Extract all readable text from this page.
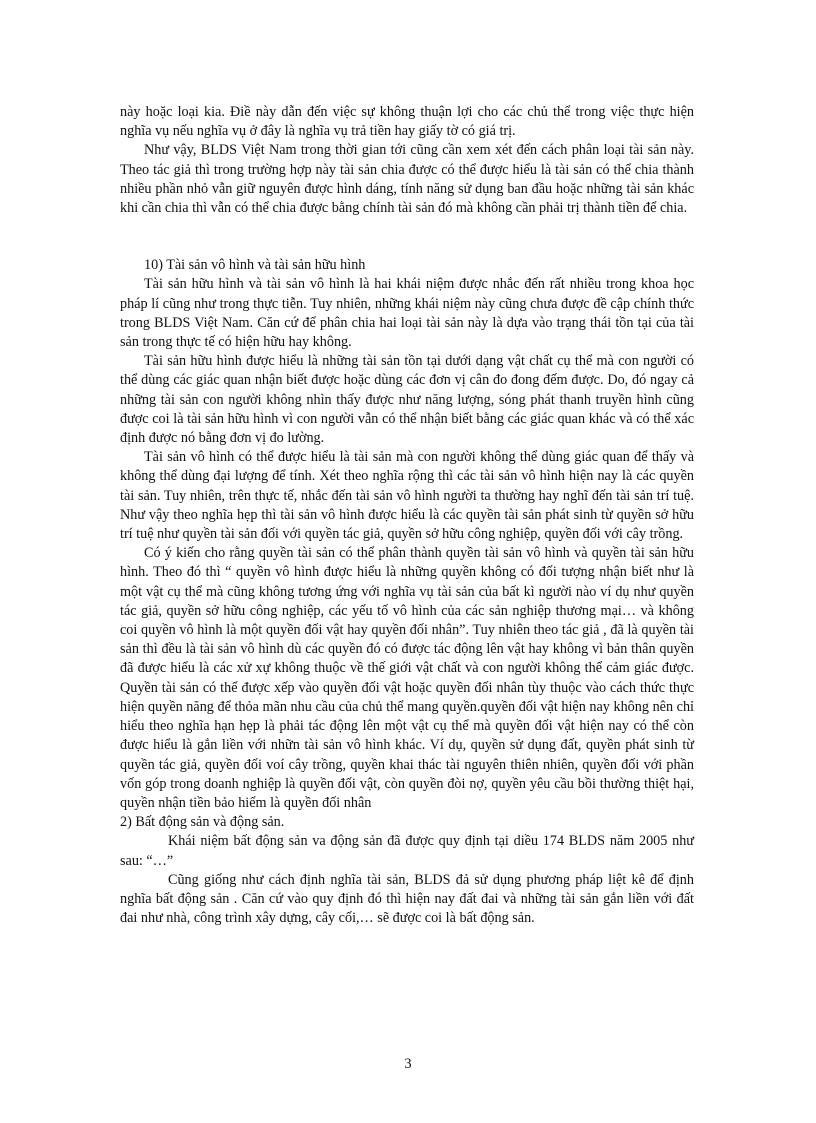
này hoặc loại kia. Điề này dẫn đến việc sự không thuận lợi cho các chủ thể trong việc thực hiện nghĩa vụ nếu nghĩa vụ ở đây là nghĩa vụ trả tiền hay giấy tờ có giá trị.

Như vậy, BLDS Việt Nam trong thời gian tới cũng cần xem xét đến cách phân loại tài sản này. Theo tác giả thì trong trường hợp này tài sản chia được có thể được hiểu là tài sản có thể chia thành nhiều phần nhỏ vẫn giữ nguyên được hình dáng, tính năng sử dụng ban đầu hoặc những tài sản khác khi cần chia thì vẫn có thể chia được bằng chính tài sản đó mà không cần phải trị thành tiền để chia.

10) Tài sản vô hình và tài sản hữu hình

Tài sản hữu hình và tài sản vô hình là hai khái niệm được nhắc đến rất nhiều trong khoa học pháp lí cũng như trong thực tiễn. Tuy nhiên, những khái niệm này cũng chưa được đề cập chính thức trong BLDS Việt Nam. Căn cứ để phân chia hai loại tài sản này là dựa vào trạng thái tồn tại của tài sản trong thực tế có hiện hữu hay không.

Tài sản hữu hình được hiểu là những tài sản tồn tại dưới dạng vật chất cụ thể mà con người có thể dùng các giác quan nhận biết được hoặc dùng các đơn vị cân đo đong đếm được. Do, đó ngay cả những tài sản con người không nhìn thấy được như năng lượng, sóng phát thanh truyền hình cũng được coi là tài sản hữu hình vì con người vẫn có thể nhận biết bằng các giác quan khác và có thể xác định được nó bằng đơn vị đo lường.

Tài sản vô hình có thể được hiểu là tài sản mà con người không thể dùng giác quan để thấy và không thể dùng đại lượng để tính. Xét theo nghĩa rộng thì các tài sản vô hình hiện nay là các quyền tài sản. Tuy nhiên, trên thực tế, nhắc đến tài sản vô hình người ta thường hay nghĩ đến tài sản trí tuệ. Như vậy theo nghĩa hẹp thì tài sản vô hình được hiểu là các quyền tài sản phát sinh từ quyền sở hữu trí tuệ như quyền tài sản đối với quyền tác giả, quyền sở hữu công nghiệp, quyền đối với cây trồng.

Có ý kiến cho rằng quyền tài sản có thể phân thành quyền tài sản vô hình và quyền tài sản hữu hình. Theo đó thì “ quyền vô hình được hiểu là những quyền không có đối tượng nhận biết như là một vật cụ thể mà cũng không tương ứng với nghĩa vụ tài sản của bất kì người nào ví dụ như quyền tác giả, quyền sở hữu công nghiệp, các yếu tố vô hình của các sản nghiệp thương mại… và không coi quyền vô hình là một quyền đối vật hay quyền đối nhân”. Tuy nhiên theo tác giả , đã là quyền tài sản thì đều là tài sản vô hình dù các quyền đó có được tác động lên vật hay không vì bản thân quyền đã được hiểu là các xử xự không thuộc về thế giới vật chất và con người không thể cảm giác được. Quyền tài sản có thể được xếp vào quyền đối vật hoặc quyền đối nhân tùy thuộc vào cách thức thực hiện quyền năng để thỏa mãn nhu cầu của chủ thể mang quyền.quyền đối vật hiện nay không nên chỉ hiểu theo nghĩa hạn hẹp là phải tác động lên một vật cụ thể mà quyền đối vật hiện nay có thể còn được hiểu là gắn liền với nhữn tài sản vô hình khác. Ví dụ, quyền sử dụng đất, quyền phát sinh từ quyền tác giả, quyền đối voí cây trồng, quyền khai thác tài nguyên thiên nhiên, quyền đối với phần vốn góp trong doanh nghiệp là quyền đối vật, còn quyền đòi nợ, quyền yêu cầu bồi thường thiệt hại, quyền nhận tiền bảo hiểm là quyền đối nhân

2) Bất động sản và động sản.

Khái niệm bất động sản va động sản đã được quy định tại diều 174 BLDS năm 2005 như sau: “…”

Cũng giống như cách định nghĩa tài sản, BLDS đả sử dụng phương pháp liệt kê để định nghĩa bất động sản . Căn cứ vào quy định đó thì hiện nay đất đai và những tài sản gắn liền với đất đai như nhà, công trình xây dựng, cây cối,… sẽ được coi là bất động sản.

3
